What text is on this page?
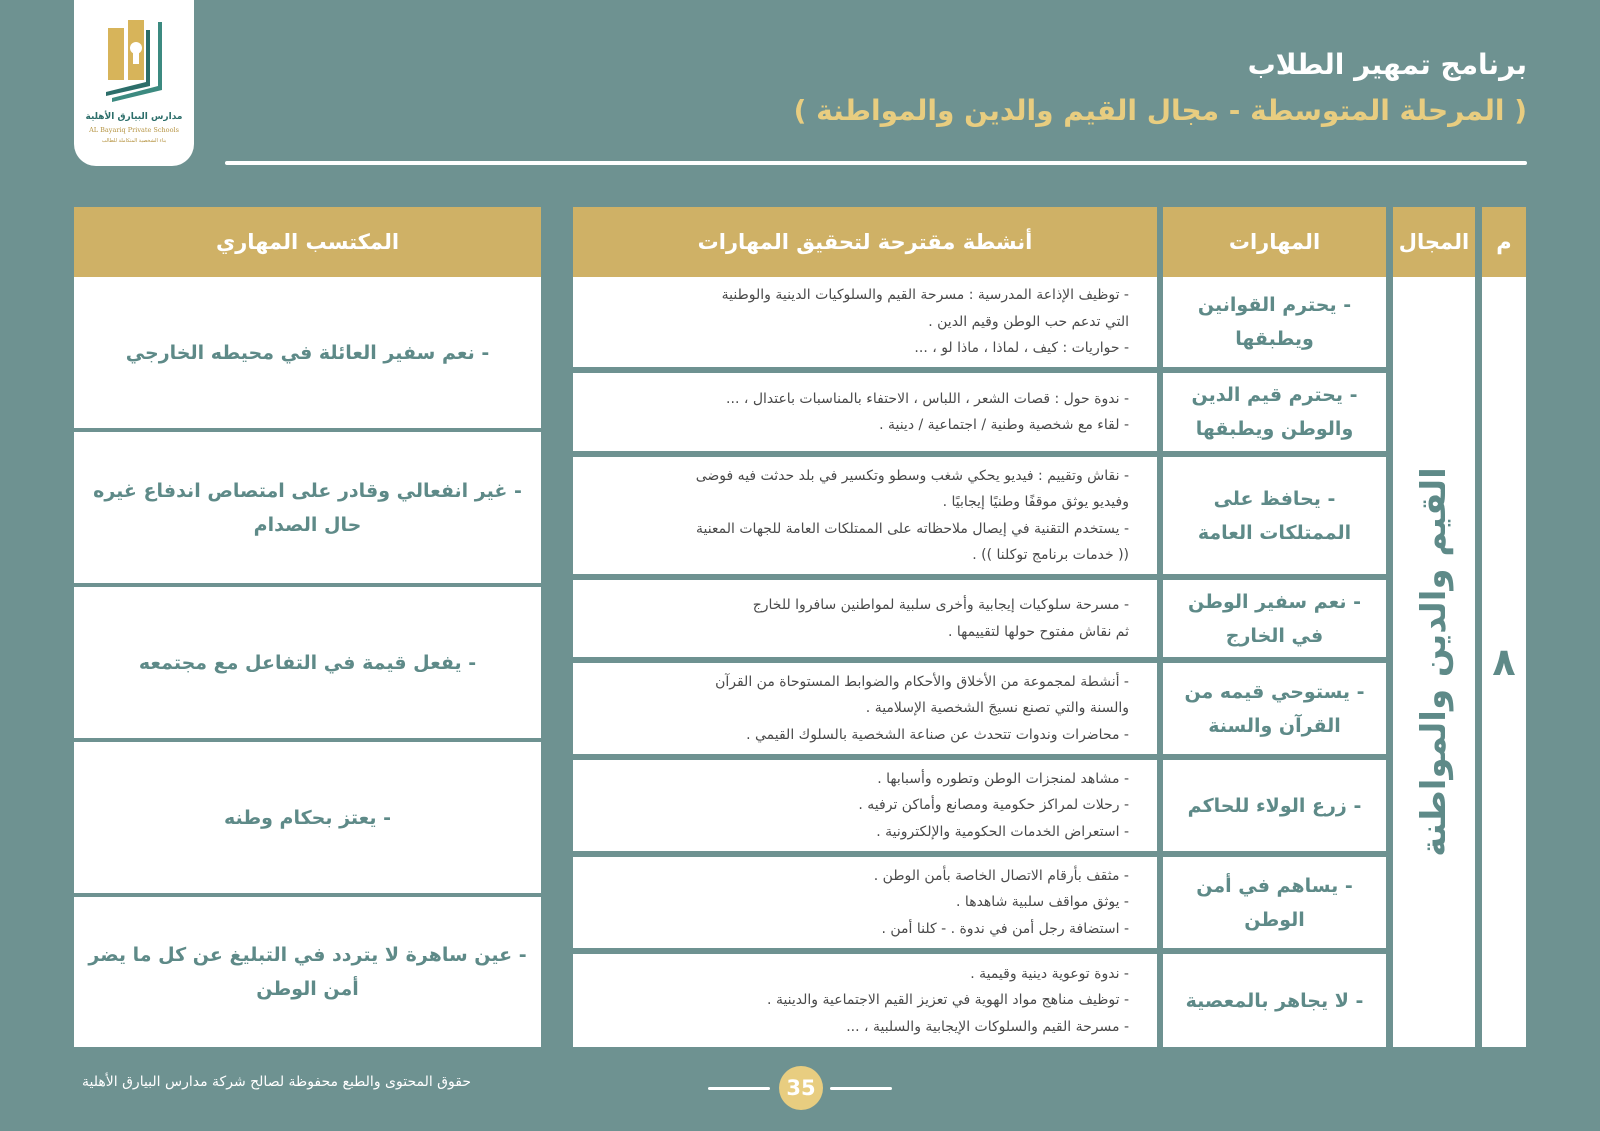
مدارس البيارق الأهلية
AL Bayariq Private Schools
بناء الشخصية المتكاملة للطالب
برنامج تمهير الطلاب
( المرحلة المتوسطة - مجال القيم والدين والمواطنة )
م
المجال
المهارات
أنشطة مقترحة لتحقيق المهارات
المكتسب المهاري
٨
القيم والدين والمواطنة
- يحترم القوانين ويطبقها
- توظيف الإذاعة المدرسية : مسرحة القيم والسلوكيات الدينية والوطنية
التي تدعم حب الوطن وقيم الدين .
- حواريات : كيف ، لماذا ، ماذا لو ، ...
- يحترم قيم الدين والوطن ويطبقها
- ندوة حول : قصات الشعر ، اللباس ، الاحتفاء بالمناسبات باعتدال ، ...
- لقاء مع شخصية وطنية / اجتماعية / دينية .
- يحافظ على الممتلكات العامة
- نقاش وتقييم : فيديو يحكي شغب وسطو وتكسير في بلد حدثت فيه فوضى
وفيديو يوثق موقفًا وطنيًا إيجابيًا .
- يستخدم التقنية في إيصال ملاحظاته على الممتلكات العامة للجهات المعنية
(( خدمات برنامج توكلنا )) .
- نعم سفير الوطن في الخارج
- مسرحة سلوكيات إيجابية وأخرى سلبية لمواطنين سافروا للخارج
ثم نقاش مفتوح حولها لتقييمها .
- يستوحي قيمه من القرآن والسنة
- أنشطة لمجموعة من الأخلاق والأحكام والضوابط المستوحاة من القرآن
والسنة والتي تصنع نسيجَ الشخصية الإسلامية .
- محاضرات وندوات تتحدث عن صناعة الشخصية بالسلوك القيمي .
- زرع الولاء للحاكم
- مشاهد لمنجزات الوطن وتطوره وأسبابها .
- رحلات لمراكز حكومية ومصانع وأماكن ترفيه .
- استعراض الخدمات الحكومية والإلكترونية .
- يساهم في أمن الوطن
- مثقف بأرقام الاتصال الخاصة بأمن الوطن .
- يوثق مواقف سلبية شاهدها .
- استضافة رجل أمن في ندوة . - كلنا أمن .
- لا يجاهر بالمعصية
- ندوة توعوية دينية وقيمية .
- توظيف مناهج مواد الهوية في تعزيز القيم الاجتماعية والدينية .
- مسرحة القيم والسلوكات الإيجابية والسلبية ، ...
- نعم سفير العائلة في محيطه الخارجي
- غير انفعالي وقادر على امتصاص اندفاع غيره حال الصدام
- يفعل قيمة في التفاعل مع مجتمعه
- يعتز بحكام وطنه
- عين ساهرة لا يتردد في التبليغ عن كل ما يضر أمن الوطن
حقوق المحتوى والطبع محفوظة لصالح شركة مدارس البيارق الأهلية	35
